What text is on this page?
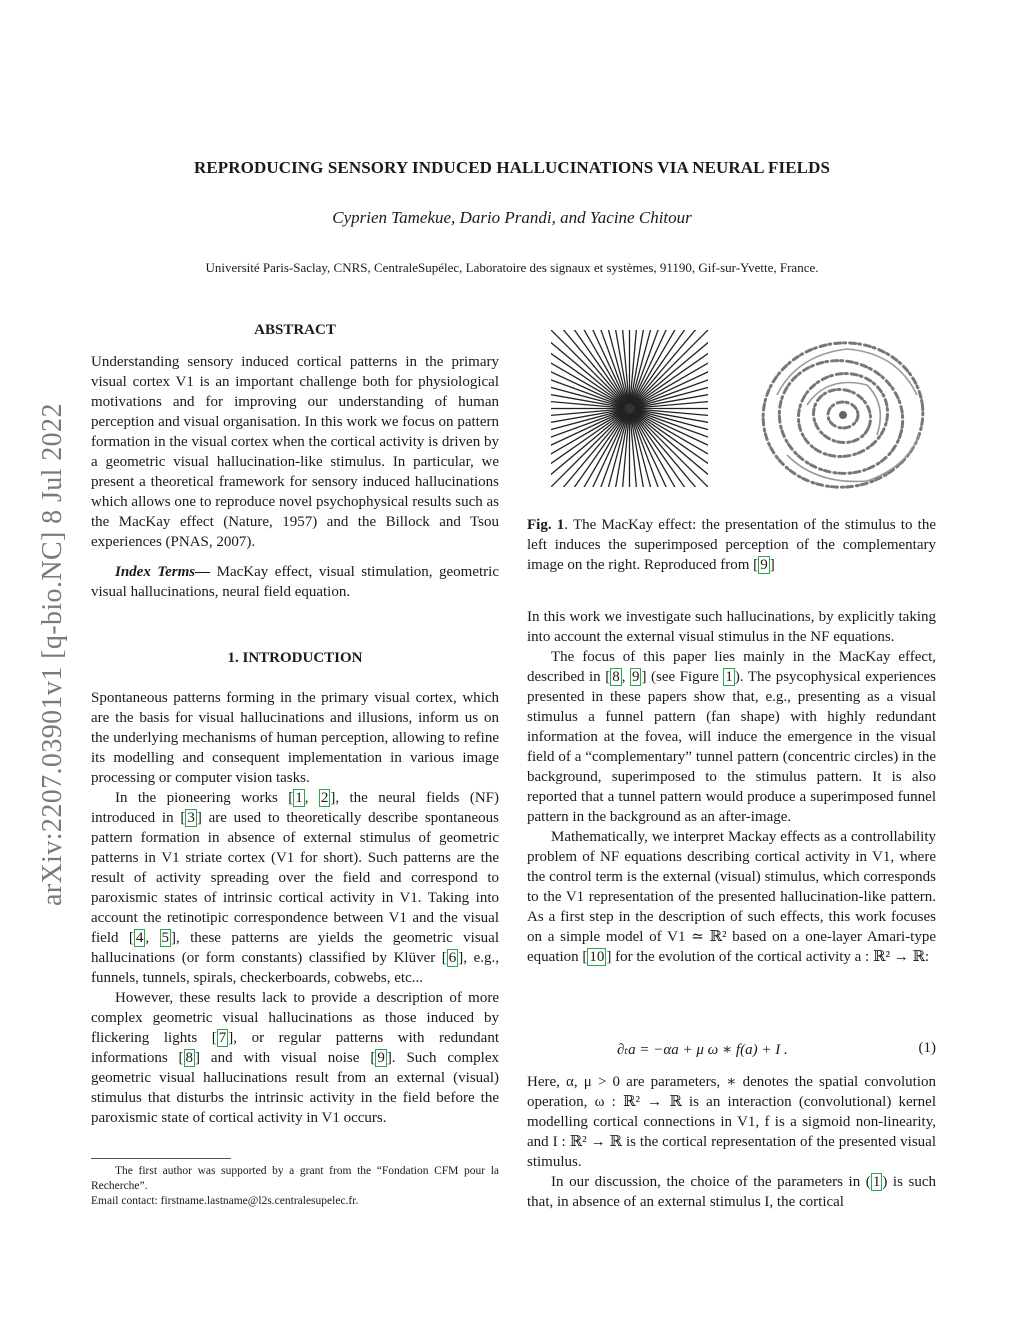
REPRODUCING SENSORY INDUCED HALLUCINATIONS VIA NEURAL FIELDS
Cyprien Tamekue, Dario Prandi, and Yacine Chitour
Université Paris-Saclay, CNRS, CentraleSupélec, Laboratoire des signaux et systèmes, 91190, Gif-sur-Yvette, France.
arXiv:2207.03901v1 [q-bio.NC] 8 Jul 2022
ABSTRACT

Understanding sensory induced cortical patterns in the primary visual cortex V1 is an important challenge both for physiological motivations and for improving our understanding of human perception and visual organisation. In this work we focus on pattern formation in the visual cortex when the cortical activity is driven by a geometric visual hallucination-like stimulus. In particular, we present a theoretical framework for sensory induced hallucinations which allows one to reproduce novel psychophysical results such as the MacKay effect (Nature, 1957) and the Billock and Tsou experiences (PNAS, 2007).

Index Terms— MacKay effect, visual stimulation, geometric visual hallucinations, neural field equation.

1. INTRODUCTION

Spontaneous patterns forming in the primary visual cortex, which are the basis for visual hallucinations and illusions, inform us on the underlying mechanisms of human perception, allowing to refine its modelling and consequent implementation in various image processing or computer vision tasks.

In the pioneering works [ 1 , 2 ], the neural fields (NF) introduced in [ 3 ] are used to theoretically describe spontaneous pattern formation in absence of external stimulus of geometric patterns in V1 striate cortex (V1 for short). Such patterns are the result of activity spreading over the field and correspond to paroxismic states of intrinsic cortical activity in V1. Taking into account the retinotipic correspondence between V1 and the visual field [ 4 , 5 ], these patterns are yields the geometric visual hallucinations (or form constants) classified by Klüver [ 6 ], e.g., funnels, tunnels, spirals, checkerboards, cobwebs, etc...

However, these results lack to provide a description of more complex geometric visual hallucinations as those induced by flickering lights [ 7 ], or regular patterns with redundant informations [ 8 ] and with visual noise [ 9 ]. Such complex geometric visual hallucinations result from an external (visual) stimulus that disturbs the intrinsic activity in the field before the paroxismic state of cortical activity in V1 occurs.

The first author was supported by a grant from the “Fondation CFM pour la Recherche”.

Email contact: firstname.lastname@l2s.centralesupelec.fr.

Fig. 1. The MacKay effect: the presentation of the stimulus to the left induces the superimposed perception of the complementary image on the right. Reproduced from [ 9 ]

In this work we investigate such hallucinations, by explicitly taking into account the external visual stimulus in the NF equations.

The focus of this paper lies mainly in the MacKay effect, described in [ 8 , 9 ] (see Figure 1 ). The psycophysical experiences presented in these papers show that, e.g., presenting as a visual stimulus a funnel pattern (fan shape) with highly redundant information at the fovea, will induce the emergence in the visual field of a “complementary” tunnel pattern (concentric circles) in the background, superimposed to the stimulus pattern. It is also reported that a tunnel pattern would produce a superimposed funnel pattern in the background as an after-image.

Mathematically, we interpret Mackay effects as a controllability problem of NF equations describing cortical activity in V1, where the control term is the external (visual) stimulus, which corresponds to the V1 representation of the presented hallucination-like pattern. As a first step in the description of such effects, this work focuses on a simple model of V1 ≃ ℝ² based on a one-layer Amari-type equation [ 10 ] for the evolution of the cortical activity a : ℝ² → ℝ:

∂ₜa = −αa + μ ω ∗ f(a) + I .	(1)

Here, α, μ > 0 are parameters, ∗ denotes the spatial convolution operation, ω : ℝ² → ℝ is an interaction (convolutional) kernel modelling cortical connections in V1, f is a sigmoid non-linearity, and I : ℝ² → ℝ is the cortical representation of the presented visual stimulus.

In our discussion, the choice of the parameters in ( 1 ) is such that, in absence of an external stimulus I, the cortical
